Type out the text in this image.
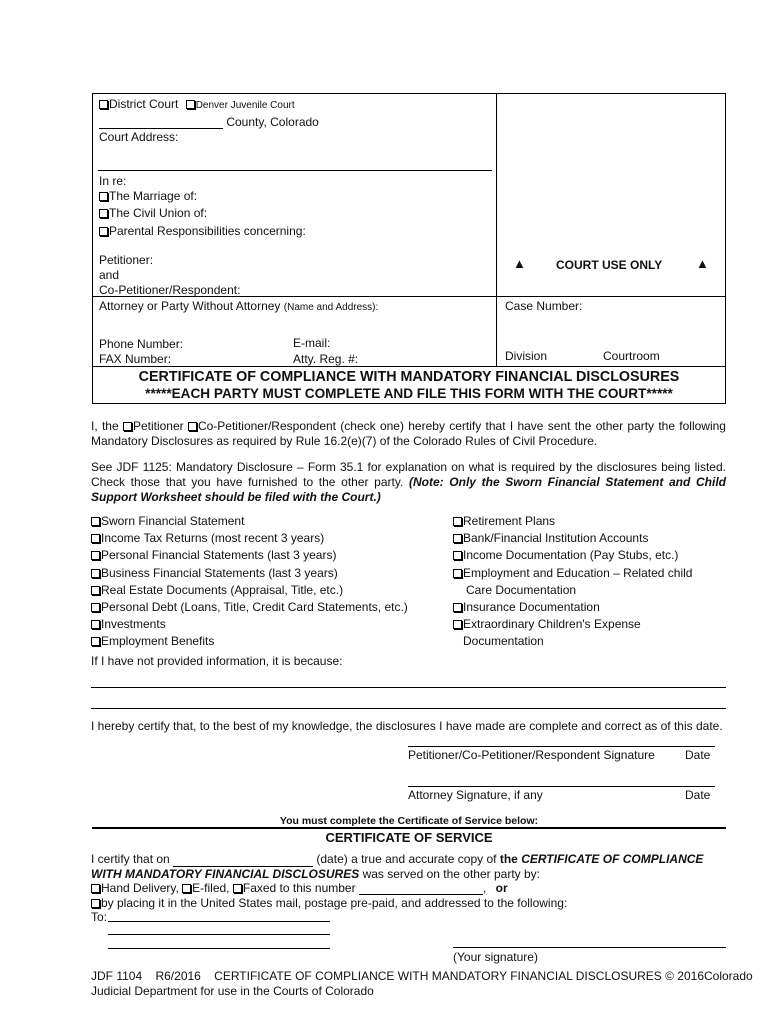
District Court Denver Juvenile Court
County, Colorado
Court Address:
In re:
The Marriage of:
The Civil Union of:
Parental Responsibilities concerning:
Petitioner:
and
Co-Petitioner/Respondent:
▲	COURT USE ONLY	▲
Attorney or Party Without Attorney (Name and Address):	Case Number:
Phone Number:
FAX Number:
E-mail:
Atty. Reg. #:	Division	Courtroom
CERTIFICATE OF COMPLIANCE WITH MANDATORY FINANCIAL DISCLOSURES
*****EACH PARTY MUST COMPLETE AND FILE THIS FORM WITH THE COURT*****
I, the Petitioner Co-Petitioner/Respondent (check one) hereby certify that I have sent the other party the following Mandatory Disclosures as required by Rule 16.2(e)(7) of the Colorado Rules of Civil Procedure.
See JDF 1125: Mandatory Disclosure – Form 35.1 for explanation on what is required by the disclosures being listed. Check those that you have furnished to the other party. (Note: Only the Sworn Financial Statement and Child Support Worksheet should be filed with the Court.)
Sworn Financial Statement
Income Tax Returns (most recent 3 years)
Personal Financial Statements (last 3 years)
Business Financial Statements (last 3 years)
Real Estate Documents (Appraisal, Title, etc.)
Personal Debt (Loans, Title, Credit Card Statements, etc.)
Investments
Employment Benefits
Retirement Plans
Bank/Financial Institution Accounts
Income Documentation (Pay Stubs, etc.)
Employment and Education – Related child
Care Documentation
Insurance Documentation
Extraordinary Children's Expense
Documentation
If I have not provided information, it is because:
I hereby certify that, to the best of my knowledge, the disclosures I have made are complete and correct as of this date.
Petitioner/Co-Petitioner/Respondent Signature	Date
Attorney Signature, if any	Date
You must complete the Certificate of Service below:
CERTIFICATE OF SERVICE
I certify that on	(date) a true and accurate copy of the CERTIFICATE OF COMPLIANCE WITH MANDATORY FINANCIAL DISCLOSURES was served on the other party by:
Hand Delivery, E-filed, Faxed to this number	, or
by placing it in the United States mail, postage pre-paid, and addressed to the following:
To:
(Your signature)
JDF 1104    R6/2016    CERTIFICATE OF COMPLIANCE WITH MANDATORY FINANCIAL DISCLOSURES © 2016Colorado
Judicial Department for use in the Courts of Colorado
